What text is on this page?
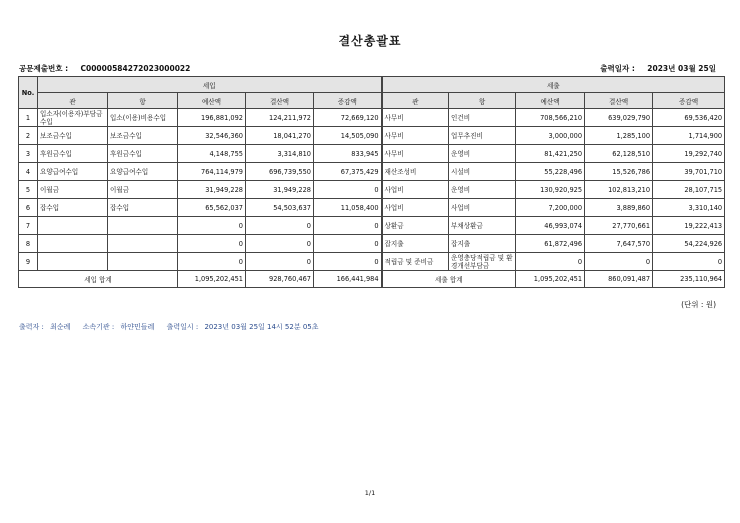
결산총괄표
공문제출번호 : C0000058427202300002​2	출력일자 : 2023년 03월 25일
No.	세입					세출				
	관	항	예산액	결산액	증감액	관	항	예산액	결산액	증감액
1	입소자(이용자)부담금수입	입소(이용)비용수입	196,881,092	124,211,972	72,669,120	사무비	인건비	708,566,210	639,029,790	69,536,420
2	보조금수입	보조금수입	32,546,360	18,041,270	14,505,090	사무비	업무추진비	3,000,000	1,285,100	1,714,900
3	후원금수입	후원금수입	4,148,755	3,314,810	833,945	사무비	운영비	81,421,250	62,128,510	19,292,740
4	요양급여수입	요양급여수입	764,114,979	696,739,550	67,375,429	재산조성비	시설비	55,228,496	15,526,786	39,701,710
5	이월금	이월금	31,949,228	31,949,228	0	사업비	운영비	130,920,925	102,813,210	28,107,715
6	잡수입	잡수입	65,562,037	54,503,637	11,058,400	사업비	사업비	7,200,000	3,889,860	3,310,140
7			0	0	0	상환금	부채상환금	46,993,074	27,770,661	19,222,413
8			0	0	0	잡지출	잡지출	61,872,496	7,647,570	54,224,926
9			0	0	0	적립금 및 준비금	운영충당적립금 및 환경개선부담금	0	0	0
세입 합계			1,095,202,451	928,760,467	166,441,984	세출 합계		1,095,202,451	860,091,487	235,110,964
(단위 : 원)
출력자 : 최순례 소속기관 : 하얀민들레 출력일시 : 2023년 03월 25일 14시 52분 05초
1/1
